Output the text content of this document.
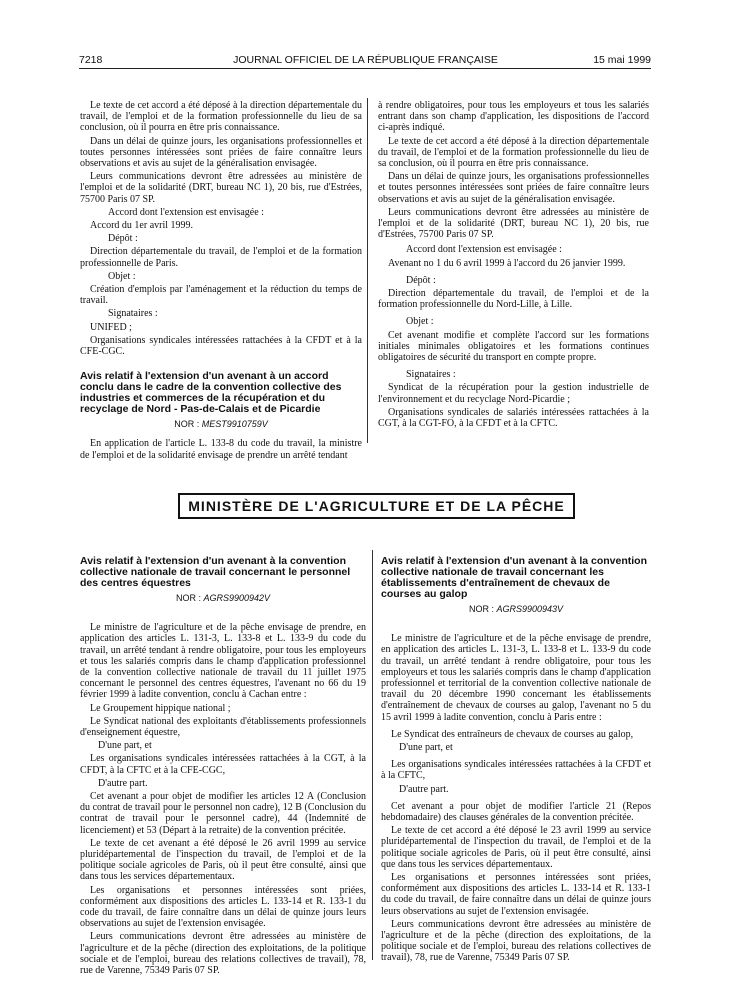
7218	JOURNAL OFFICIEL DE LA RÉPUBLIQUE FRANÇAISE	15 mai 1999

Le texte de cet accord a été déposé à la direction départementale du travail, de l'emploi et de la formation professionnelle du lieu de sa conclusion, où il pourra en être pris connaissance.

Dans un délai de quinze jours, les organisations professionnelles et toutes personnes intéressées sont priées de faire connaître leurs observations et avis au sujet de la généralisation envisagée.

Leurs communications devront être adressées au ministère de l'emploi et de la solidarité (DRT, bureau NC 1), 20 bis, rue d'Estrées, 75700 Paris 07 SP.

Accord dont l'extension est envisagée :

Accord du 1er avril 1999.

Dépôt :

Direction départementale du travail, de l'emploi et de la formation professionnelle de Paris.

Objet :

Création d'emplois par l'aménagement et la réduction du temps de travail.

Signataires :

UNIFED ;

Organisations syndicales intéressées rattachées à la CFDT et à la CFE-CGC.

Avis relatif à l'extension d'un avenant à un accord conclu dans le cadre de la convention collective des industries et commerces de la récupération et du recyclage de Nord - Pas-de-Calais et de Picardie
NOR : MESТ9910759V

En application de l'article L. 133-8 du code du travail, la ministre de l'emploi et de la solidarité envisage de prendre un arrêté tendant

à rendre obligatoires, pour tous les employeurs et tous les salariés entrant dans son champ d'application, les dispositions de l'accord ci-après indiqué.

Le texte de cet accord a été déposé à la direction départementale du travail, de l'emploi et de la formation professionnelle du lieu de sa conclusion, où il pourra en être pris connaissance.

Dans un délai de quinze jours, les organisations professionnelles et toutes personnes intéressées sont priées de faire connaître leurs observations et avis au sujet de la généralisation envisagée.

Leurs communications devront être adressées au ministère de l'emploi et de la solidarité (DRT, bureau NC 1), 20 bis, rue d'Estrées, 75700 Paris 07 SP.

Accord dont l'extension est envisagée :

Avenant no 1 du 6 avril 1999 à l'accord du 26 janvier 1999.

Dépôt :

Direction départementale du travail, de l'emploi et de la formation professionnelle du Nord-Lille, à Lille.

Objet :

Cet avenant modifie et complète l'accord sur les formations initiales minimales obligatoires et les formations continues obligatoires de sécurité du transport en compte propre.

Signataires :

Syndicat de la récupération pour la gestion industrielle de l'environnement et du recyclage Nord-Picardie ;

Organisations syndicales de salariés intéressées rattachées à la CGT, à la CGT-FO, à la CFDT et à la CFTC.

MINISTÈRE DE L'AGRICULTURE ET DE LA PÊCHE
Avis relatif à l'extension d'un avenant à la convention collective nationale de travail concernant le personnel des centres équestres
NOR : AGRS9900942V

Le ministre de l'agriculture et de la pêche envisage de prendre, en application des articles L. 131-3, L. 133-8 et L. 133-9 du code du travail, un arrêté tendant à rendre obligatoire, pour tous les employeurs et tous les salariés compris dans le champ d'application professionnel de la convention collective nationale de travail du 11 juillet 1975 concernant le personnel des centres équestres, l'avenant no 66 du 19 février 1999 à ladite convention, conclu à Cachan entre :

Le Groupement hippique national ;

Le Syndicat national des exploitants d'établissements professionnels d'enseignement équestre,

D'une part, et

Les organisations syndicales intéressées rattachées à la CGT, à la CFDT, à la CFTC et à la CFE-CGC,

D'autre part.

Cet avenant a pour objet de modifier les articles 12 A (Conclusion du contrat de travail pour le personnel non cadre), 12 B (Conclusion du contrat de travail pour le personnel cadre), 44 (Indemnité de licenciement) et 53 (Départ à la retraite) de la convention précitée.

Le texte de cet avenant a été déposé le 26 avril 1999 au service pluridépartemental de l'inspection du travail, de l'emploi et de la politique sociale agricoles de Paris, où il peut être consulté, ainsi que dans tous les services départementaux.

Les organisations et personnes intéressées sont priées, conformément aux dispositions des articles L. 133-14 et R. 133-1 du code du travail, de faire connaître dans un délai de quinze jours leurs observations au sujet de l'extension envisagée.

Leurs communications devront être adressées au ministère de l'agriculture et de la pêche (direction des exploitations, de la politique sociale et de l'emploi, bureau des relations collectives de travail), 78, rue de Varenne, 75349 Paris 07 SP.

Avis relatif à l'extension d'un avenant à la convention collective nationale de travail concernant les établissements d'entraînement de chevaux de courses au galop
NOR : AGRS9900943V

Le ministre de l'agriculture et de la pêche envisage de prendre, en application des articles L. 131-3, L. 133-8 et L. 133-9 du code du travail, un arrêté tendant à rendre obligatoire, pour tous les employeurs et tous les salariés compris dans le champ d'application professionnel et territorial de la convention collective nationale de travail du 20 décembre 1990 concernant les établissements d'entraînement de chevaux de courses au galop, l'avenant no 5 du 15 avril 1999 à ladite convention, conclu à Paris entre :

Le Syndicat des entraîneurs de chevaux de courses au galop,

D'une part, et

Les organisations syndicales intéressées rattachées à la CFDT et à la CFTC,

D'autre part.

Cet avenant a pour objet de modifier l'article 21 (Repos hebdomadaire) des clauses générales de la convention précitée.

Le texte de cet accord a été déposé le 23 avril 1999 au service pluridépartemental de l'inspection du travail, de l'emploi et de la politique sociale agricoles de Paris, où il peut être consulté, ainsi que dans tous les services départementaux.

Les organisations et personnes intéressées sont priées, conformément aux dispositions des articles L. 133-14 et R. 133-1 du code du travail, de faire connaître dans un délai de quinze jours leurs observations au sujet de l'extension envisagée.

Leurs communications devront être adressées au ministère de l'agriculture et de la pêche (direction des exploitations, de la politique sociale et de l'emploi, bureau des relations collectives de travail), 78, rue de Varenne, 75349 Paris 07 SP.
